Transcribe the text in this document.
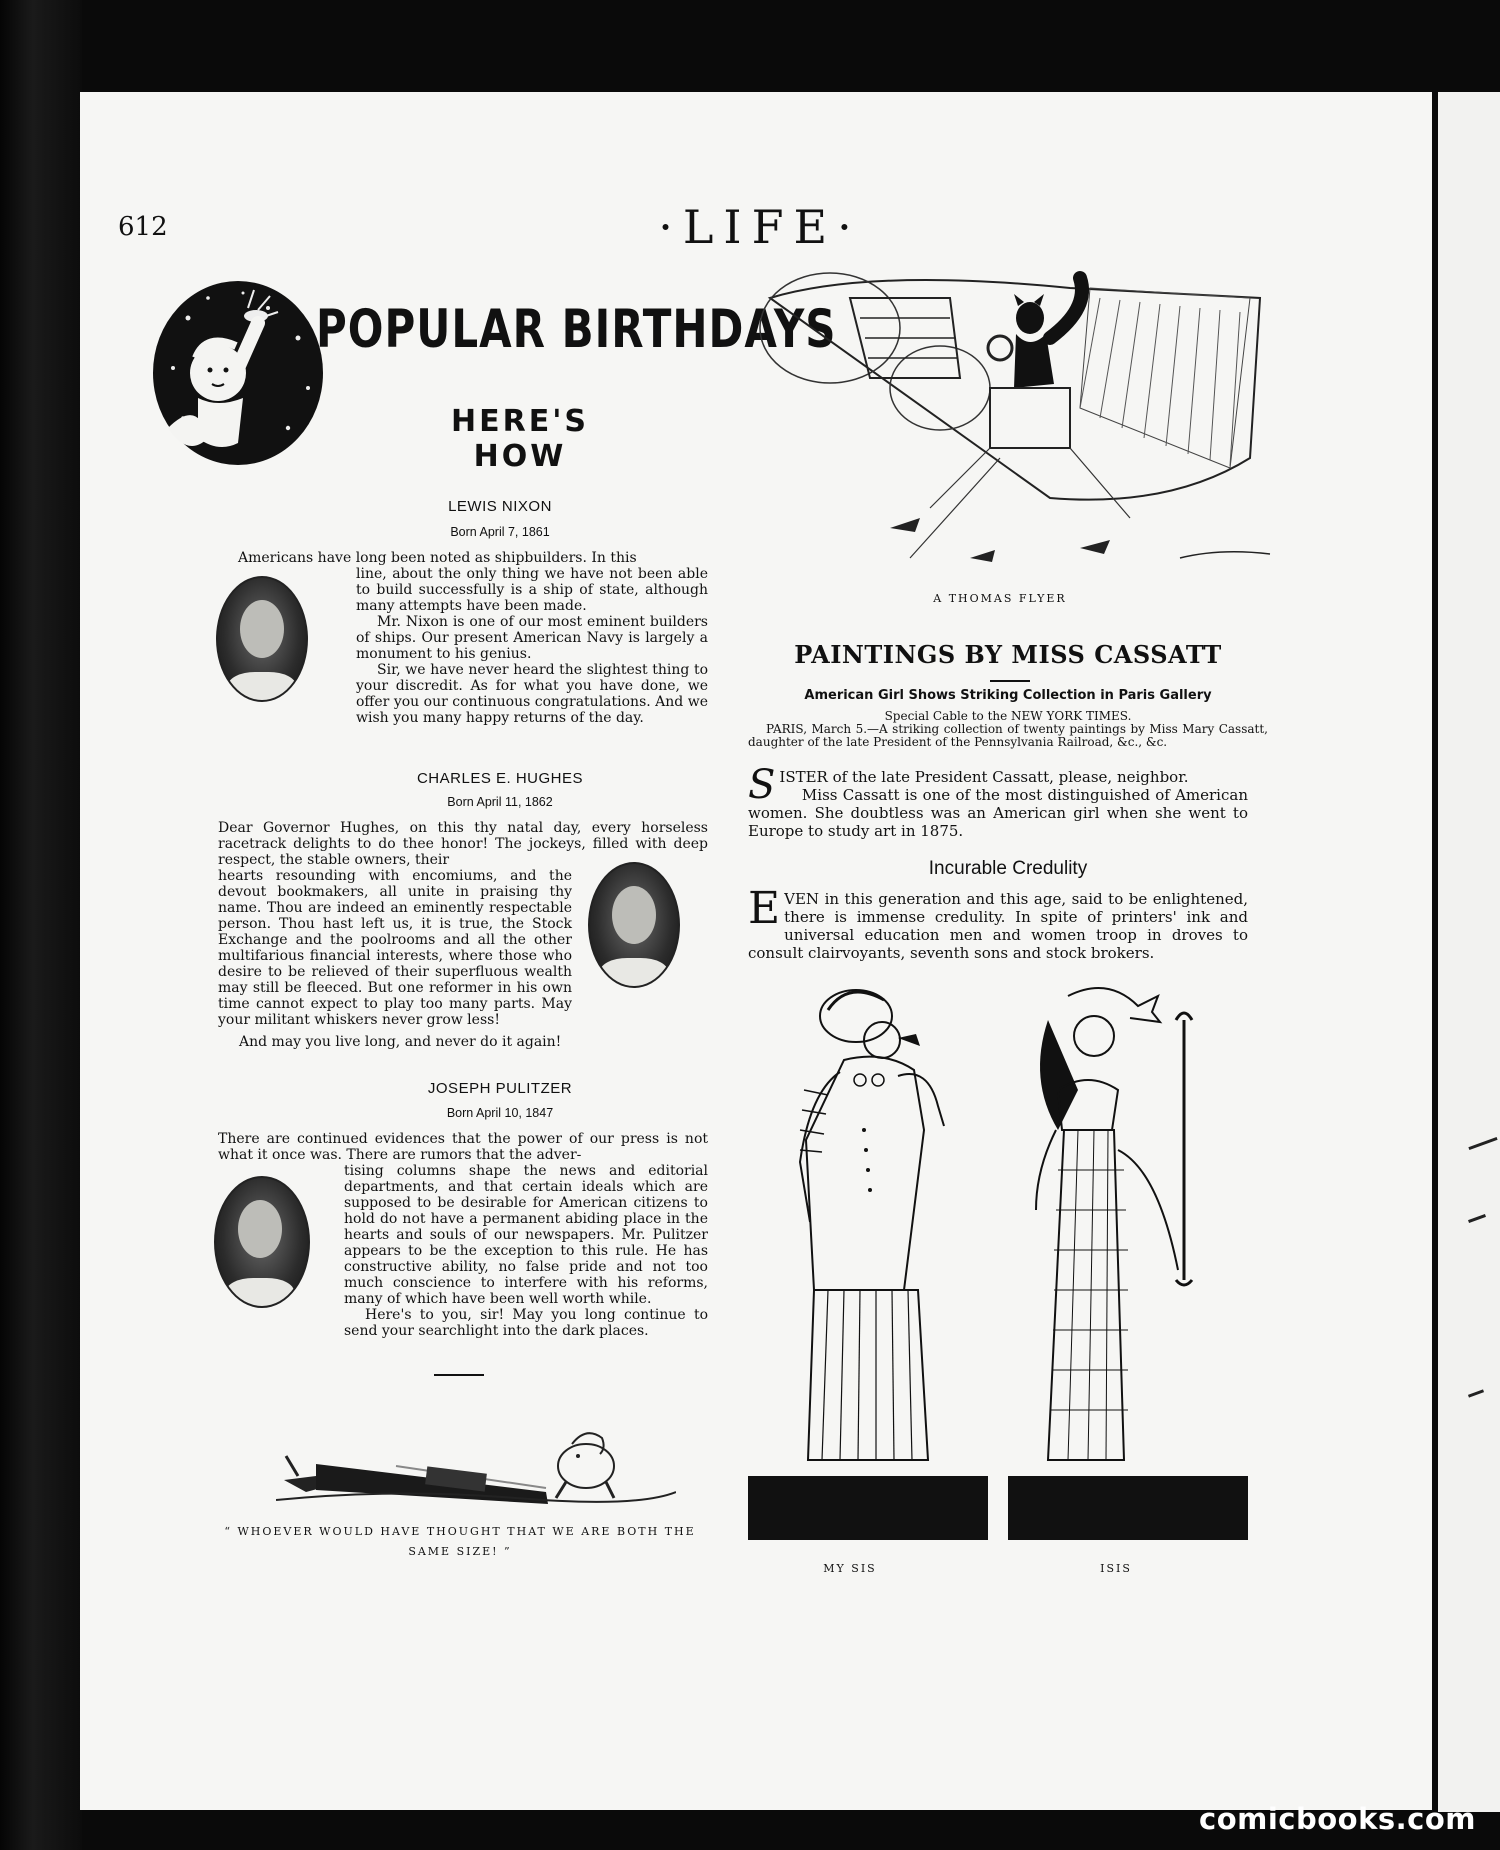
612	·LIFE·
POPULAR BIRTHDAYS
HERE'S HOW
LEWIS NIXON
Born April 7, 1861
Americans have long been noted as shipbuilders. In this

line, about the only thing we have not been able to build successfully is a ship of state, although many attempts have been made.

Mr. Nixon is one of our most eminent builders of ships. Our present American Navy is largely a monument to his genius.

Sir, we have never heard the slightest thing to your discredit. As for what you have done, we offer you our continuous congratulations. And we wish you many happy returns of the day.

CHARLES E. HUGHES
Born April 11, 1862
Dear Governor Hughes, on this thy natal day, every horseless racetrack delights to do thee honor! The jockeys, filled with deep respect, the stable owners, their
hearts resounding with encomiums, and the devout bookmakers, all unite in praising thy name. Thou are indeed an eminently respectable person. Thou hast left us, it is true, the Stock Exchange and the poolrooms and all the other multifarious financial interests, where those who desire to be relieved of their superfluous wealth may still be fleeced. But one reformer in his own time cannot expect to play too many parts. May your militant whiskers never grow less!
And may you live long, and never do it again!
JOSEPH PULITZER
Born April 10, 1847
There are continued evidences that the power of our press is not what it once was. There are rumors that the adver-
tising columns shape the news and editorial departments, and that certain ideals which are supposed to be desirable for American citizens to hold do not have a permanent abiding place in the hearts and souls of our newspapers. Mr. Pulitzer appears to be the exception to this rule. He has constructive ability, no false pride and not too much conscience to interfere with his reforms, many of which have been well worth while.
Here's to you, sir! May you long continue to send your searchlight into the dark places.
“ WHOEVER WOULD HAVE THOUGHT THAT WE ARE BOTH THE SAME SIZE! ”
A THOMAS FLYER
PAINTINGS BY MISS CASSATT
American Girl Shows Striking Collection in Paris Gallery
Special Cable to the NEW YORK TIMES.
PARIS, March 5.—A striking collection of twenty paintings by Miss Mary Cassatt, daughter of the late President of the Pennsylvania Railroad, &c., &c.
S ISTER of the late President Cassatt, please, neighbor.
Miss Cassatt is one of the most distinguished of American women. She doubtless was an American girl when she went to Europe to study art in 1875.
Incurable Credulity
E VEN in this generation and this age, said to be enlightened, there is immense credulity. In spite of printers' ink and universal education men and women troop in droves to consult clairvoyants, seventh sons and stock brokers.
MY SIS	ISIS
comicbooks.com
